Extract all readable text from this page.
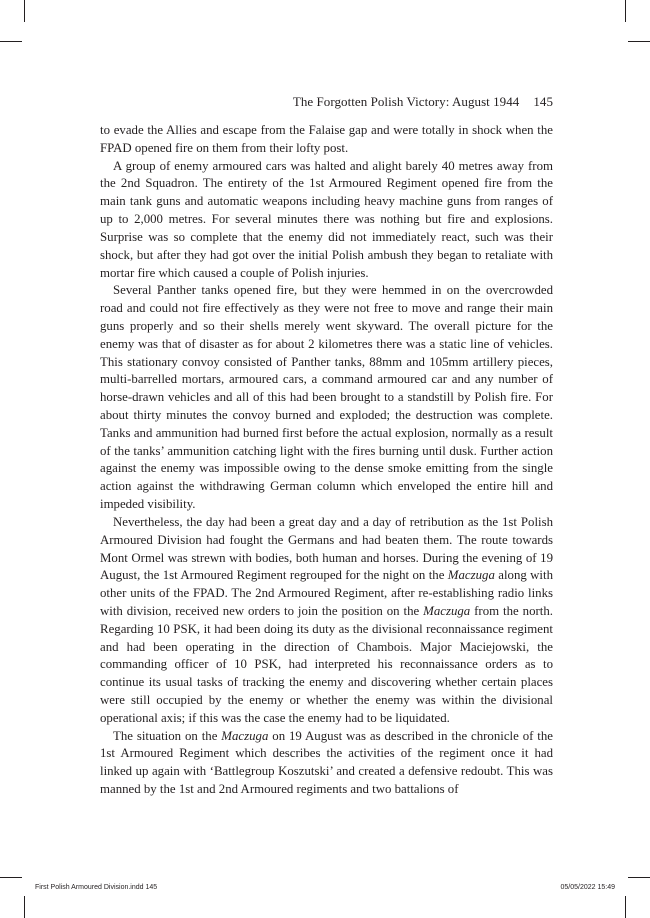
The Forgotten Polish Victory: August 1944 145

to evade the Allies and escape from the Falaise gap and were totally in shock when the FPAD opened fire on them from their lofty post.

A group of enemy armoured cars was halted and alight barely 40 metres away from the 2nd Squadron. The entirety of the 1st Armoured Regiment opened fire from the main tank guns and automatic weapons including heavy machine guns from ranges of up to 2,000 metres. For several minutes there was nothing but fire and explosions. Surprise was so complete that the enemy did not immediately react, such was their shock, but after they had got over the initial Polish ambush they began to retaliate with mortar fire which caused a couple of Polish injuries.

Several Panther tanks opened fire, but they were hemmed in on the overcrowded road and could not fire effectively as they were not free to move and range their main guns properly and so their shells merely went skyward. The overall picture for the enemy was that of disaster as for about 2 kilometres there was a static line of vehicles. This stationary convoy consisted of Panther tanks, 88mm and 105mm artillery pieces, multi-barrelled mortars, armoured cars, a command armoured car and any number of horse-drawn vehicles and all of this had been brought to a standstill by Polish fire. For about thirty minutes the convoy burned and exploded; the destruction was complete. Tanks and ammunition had burned first before the actual explosion, normally as a result of the tanks’ ammunition catching light with the fires burning until dusk. Further action against the enemy was impossible owing to the dense smoke emitting from the single action against the withdrawing German column which enveloped the entire hill and impeded visibility.

Nevertheless, the day had been a great day and a day of retribution as the 1st Polish Armoured Division had fought the Germans and had beaten them. The route towards Mont Ormel was strewn with bodies, both human and horses. During the evening of 19 August, the 1st Armoured Regiment regrouped for the night on the Maczuga along with other units of the FPAD. The 2nd Armoured Regiment, after re-establishing radio links with division, received new orders to join the position on the Maczuga from the north. Regarding 10 PSK, it had been doing its duty as the divisional reconnaissance regiment and had been operating in the direction of Chambois. Major Maciejowski, the commanding officer of 10 PSK, had interpreted his reconnaissance orders as to continue its usual tasks of tracking the enemy and discovering whether certain places were still occupied by the enemy or whether the enemy was within the divisional operational axis; if this was the case the enemy had to be liquidated.

The situation on the Maczuga on 19 August was as described in the chronicle of the 1st Armoured Regiment which describes the activities of the regiment once it had linked up again with ‘Battlegroup Koszutski’ and created a defensive redoubt. This was manned by the 1st and 2nd Armoured regiments and two battalions of

First Polish Armoured Division.indd 145	05/05/2022 15:49
